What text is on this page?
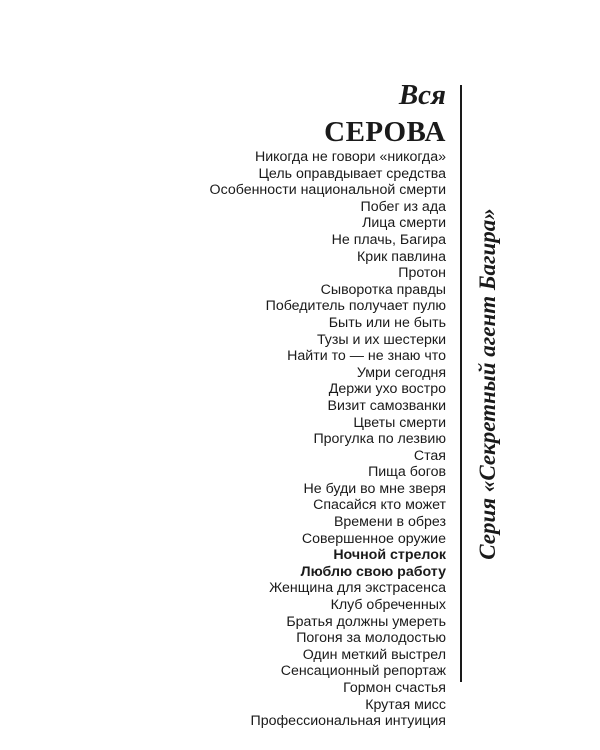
Вся
СЕРОВА
Никогда не говори «никогда»
Цель оправдывает средства
Особенности национальной смерти
Побег из ада
Лица смерти
Не плачь, Багира
Крик павлина
Протон
Сыворотка правды
Победитель получает пулю
Быть или не быть
Тузы и их шестерки
Найти то — не знаю что
Умри сегодня
Держи ухо востро
Визит самозванки
Цветы смерти
Прогулка по лезвию
Стая
Пища богов
Не буди во мне зверя
Спасайся кто может
Времени в обрез
Совершенное оружие
Ночной стрелок
Люблю свою работу
Женщина для экстрасенса
Клуб обреченных
Братья должны умереть
Погоня за молодостью
Один меткий выстрел
Сенсационный репортаж
Гормон счастья
Крутая мисс
Профессиональная интуиция
Серия «Секретный агент Багира»
